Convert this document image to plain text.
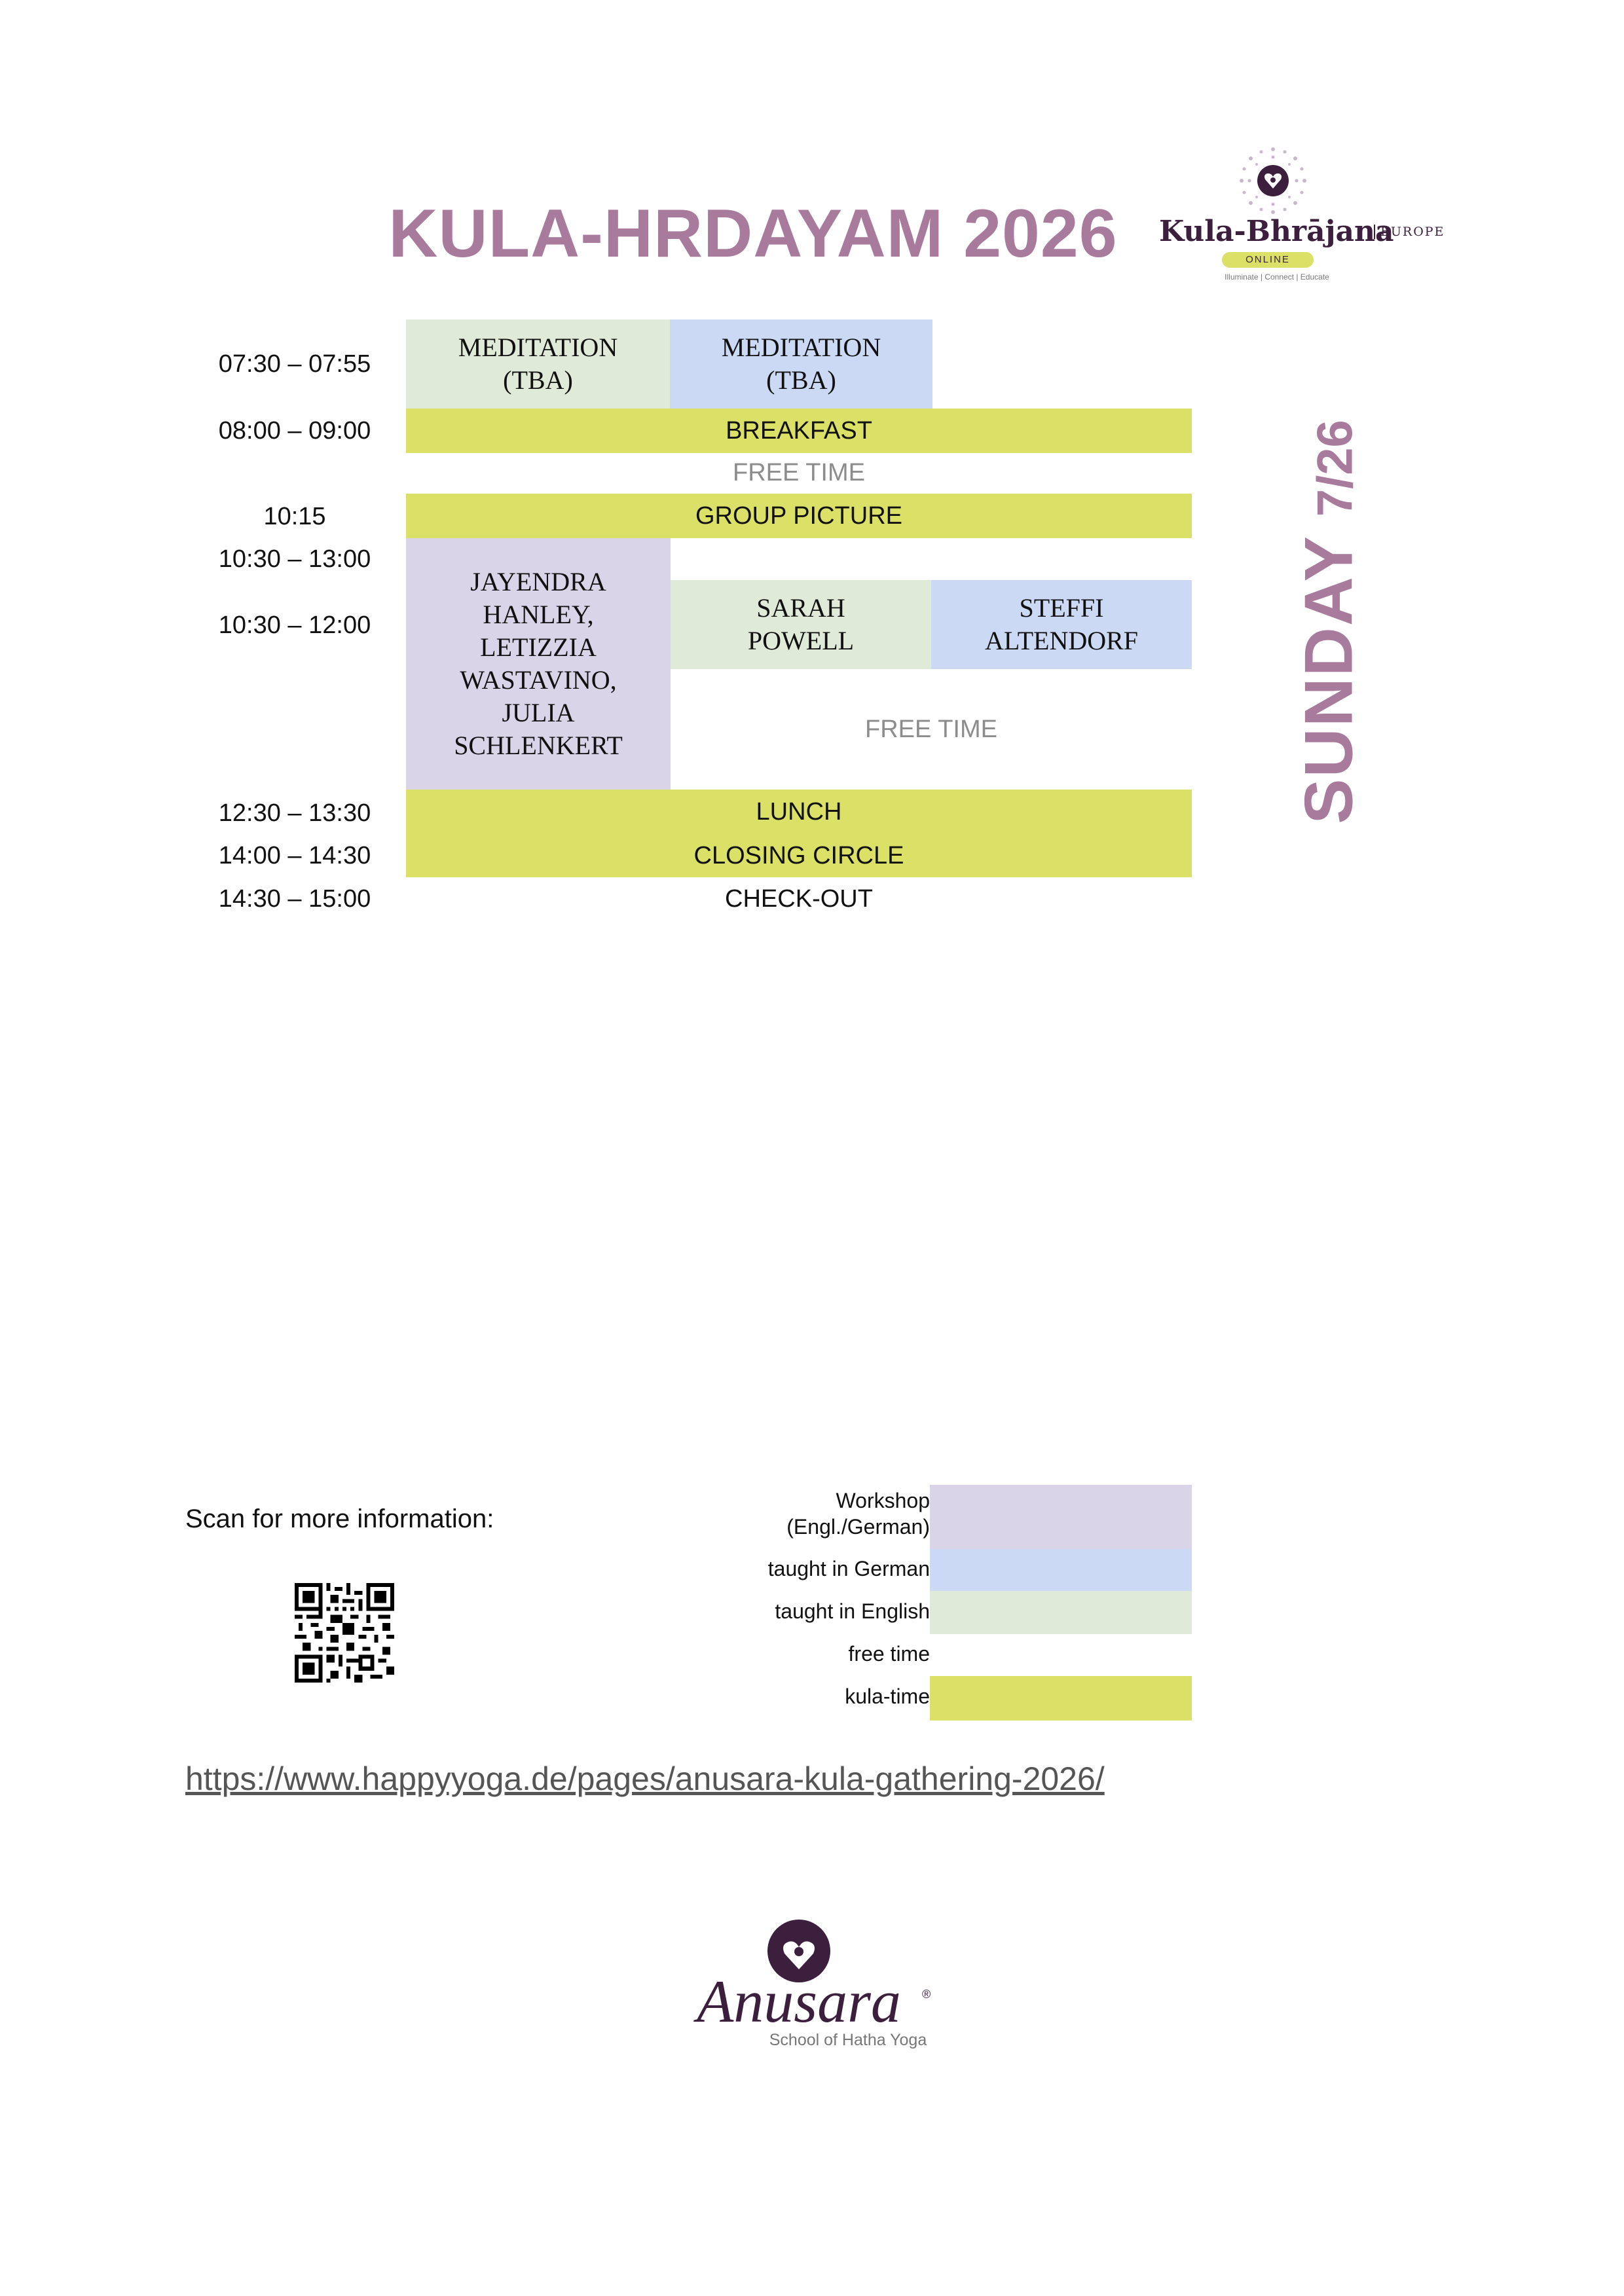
KULA-HRDAYAM 2026	Kula-Bhrājana
EUROPE
ONLINE
Illuminate | Connect | Educate
SUNDAY7/26
07:30 – 07:55
08:00 – 09:00
10:15
10:30 – 13:00
10:30 – 12:00
12:30 – 13:30
14:00 – 14:30
14:30 – 15:00
MEDITATION
(TBA)
MEDITATION
(TBA)
BREAKFAST
FREE TIME
GROUP PICTURE
JAYENDRA
HANLEY,
LETIZZIA
WASTAVINO,
JULIA
SCHLENKERT
SARAH
POWELL
STEFFI
ALTENDORF
FREE TIME
LUNCH
CLOSING CIRCLE
CHECK-OUT
Scan for more information:
Workshop
(Engl./German)
taught in German
taught in English
free time
kula-time
https://www.happyyoga.de/pages/anusara-kula-gathering-2026/
Anusara ®
School of Hatha Yoga
